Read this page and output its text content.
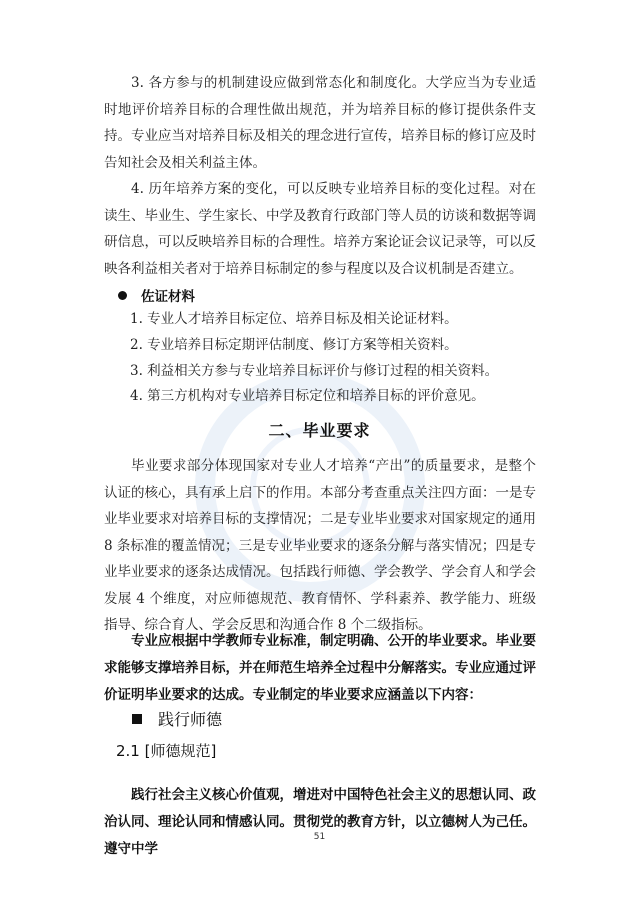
3. 各方参与的机制建设应做到常态化和制度化。大学应当为专业适时地评价培养目标的合理性做出规范，并为培养目标的修订提供条件支持。专业应当对培养目标及相关的理念进行宣传，培养目标的修订应及时告知社会及相关利益主体。

4. 历年培养方案的变化，可以反映专业培养目标的变化过程。对在读生、毕业生、学生家长、中学及教育行政部门等人员的访谈和数据等调研信息，可以反映培养目标的合理性。培养方案论证会议记录等，可以反映各利益相关者对于培养目标制定的参与程度以及合议机制是否建立。

佐证材料
1. 专业人才培养目标定位、培养目标及相关论证材料。
2. 专业培养目标定期评估制度、修订方案等相关资料。
3. 利益相关方参与专业培养目标评价与修订过程的相关资料。
4. 第三方机构对专业培养目标定位和培养目标的评价意见。
二、毕业要求

毕业要求部分体现国家对专业人才培养“产出”的质量要求，是整个认证的核心，具有承上启下的作用。本部分考查重点关注四方面：一是专业毕业要求对培养目标的支撑情况；二是专业毕业要求对国家规定的通用 8 条标准的覆盖情况；三是专业毕业要求的逐条分解与落实情况；四是专业毕业要求的逐条达成情况。包括践行师德、学会教学、学会育人和学会发展 4 个维度，对应师德规范、教育情怀、学科素养、教学能力、班级指导、综合育人、学会反思和沟通合作 8 个二级指标。

专业应根据中学教师专业标准，制定明确、公开的毕业要求。毕业要求能够支撑培养目标，并在师范生培养全过程中分解落实。专业应通过评价证明毕业要求的达成。专业制定的毕业要求应涵盖以下内容：

践行师德
2.1 [师德规范]

践行社会主义核心价值观，增进对中国特色社会主义的思想认同、政治认同、理论认同和情感认同。贯彻党的教育方针，以立德树人为己任。遵守中学

51
